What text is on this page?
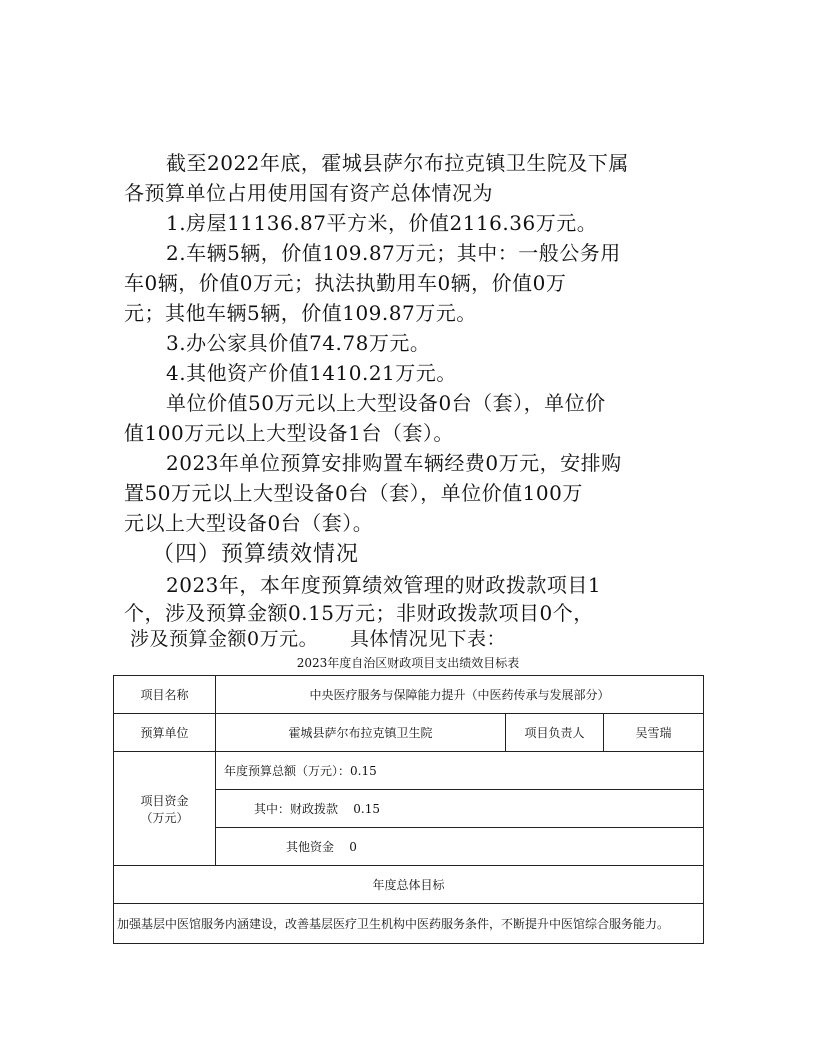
截至2022年底，霍城县萨尔布拉克镇卫生院及下属
各预算单位占用使用国有资产总体情况为
1.房屋11136.87平方米，价值2116.36万元。
2.车辆5辆，价值109.87万元；其中：一般公务用
车0辆，价值0万元；执法执勤用车0辆，价值0万
元；其他车辆5辆，价值109.87万元。
3.办公家具价值74.78万元。
4.其他资产价值1410.21万元。
单位价值50万元以上大型设备0台（套），单位价
值100万元以上大型设备1台（套）。
2023年单位预算安排购置车辆经费0万元，安排购
置50万元以上大型设备0台（套），单位价值100万
元以上大型设备0台（套）。
（四）预算绩效情况
2023年，本年度预算绩效管理的财政拨款项目1
个，涉及预算金额0.15万元；非财政拨款项目0个，
涉及预算金额0万元。 具体情况见下表：
2023年度自治区财政项目支出绩效目标表
项目名称	中央医疗服务与保障能力提升（中医药传承与发展部分）		
预算单位	霍城县萨尔布拉克镇卫生院	项目负责人	吴雪瑞
项目资金（万元）	年度预算总额（万元）：0.15		
	其中：财政拨款    0.15		
	其他资金    0		
年度总体目标			
加强基层中医馆服务内涵建设，改善基层医疗卫生机构中医药服务条件，不断提升中医馆综合服务能力。			
